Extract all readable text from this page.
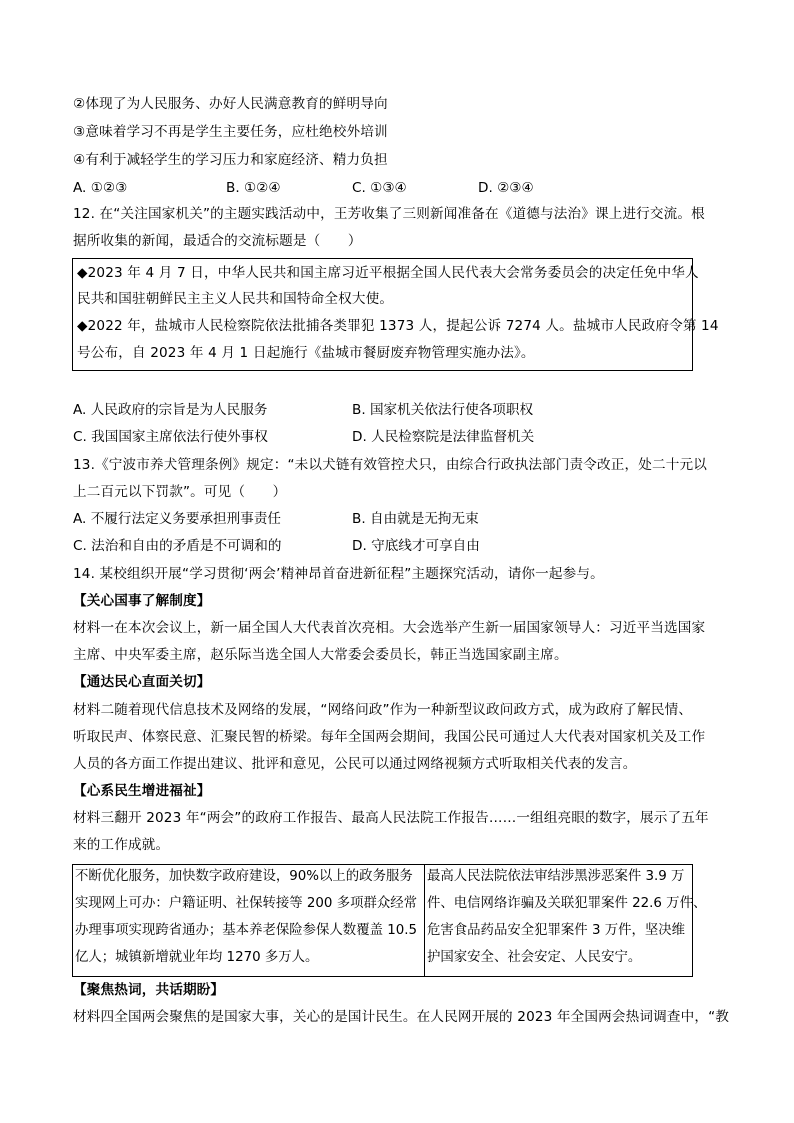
②体现了为人民服务、办好人民满意教育的鲜明导向
③意味着学习不再是学生主要任务，应杜绝校外培训
④有利于减轻学生的学习压力和家庭经济、精力负担
A. ①②③	B. ①②④	C. ①③④	D. ②③④
12. 在“关注国家机关”的主题实践活动中，王芳收集了三则新闻准备在《道德与法治》课上进行交流。根
据所收集的新闻，最适合的交流标题是（　　）
◆2023 年 4 月 7 日，中华人民共和国主席习近平根据全国人民代表大会常务委员会的决定任免中华人
民共和国驻朝鲜民主主义人民共和国特命全权大使。
◆2022 年，盐城市人民检察院依法批捕各类罪犯 1373 人，提起公诉 7274 人。盐城市人民政府令第 14
号公布，自 2023 年 4 月 1 日起施行《盐城市餐厨废弃物管理实施办法》。
A. 人民政府的宗旨是为人民服务	B. 国家机关依法行使各项职权
C. 我国国家主席依法行使外事权	D. 人民检察院是法律监督机关
13.《宁波市养犬管理条例》规定：“未以犬链有效管控犬只，由综合行政执法部门责令改正，处二十元以
上二百元以下罚款”。可见（　　）
A. 不履行法定义务要承担刑事责任	B. 自由就是无拘无束
C. 法治和自由的矛盾是不可调和的	D. 守底线才可享自由
14. 某校组织开展“学习贯彻‘两会’精神昂首奋进新征程”主题探究活动，请你一起参与。
【关心国事了解制度】
材料一在本次会议上，新一届全国人大代表首次亮相。大会选举产生新一届国家领导人：习近平当选国家
主席、中央军委主席，赵乐际当选全国人大常委会委员长，韩正当选国家副主席。
【通达民心直面关切】
材料二随着现代信息技术及网络的发展，“网络问政”作为一种新型议政问政方式，成为政府了解民情、
听取民声、体察民意、汇聚民智的桥梁。每年全国两会期间，我国公民可通过人大代表对国家机关及工作
人员的各方面工作提出建议、批评和意见，公民可以通过网络视频方式听取相关代表的发言。
【心系民生增进福祉】
材料三翻开 2023 年“两会”的政府工作报告、最高人民法院工作报告……一组组亮眼的数字，展示了五年
来的工作成就。
不断优化服务，加快数字政府建设，90%以上的政务服务
实现网上可办：户籍证明、社保转接等 200 多项群众经常
办理事项实现跨省通办；基本养老保险参保人数覆盖 10.5
亿人；城镇新增就业年均 1270 多万人。
最高人民法院依法审结涉黑涉恶案件 3.9 万
件、电信网络诈骗及关联犯罪案件 22.6 万件、
危害食品药品安全犯罪案件 3 万件，坚决维
护国家安全、社会安定、人民安宁。
【聚焦热词，共话期盼】
材料四全国两会聚焦的是国家大事，关心的是国计民生。在人民网开展的 2023 年全国两会热词调查中，“教
